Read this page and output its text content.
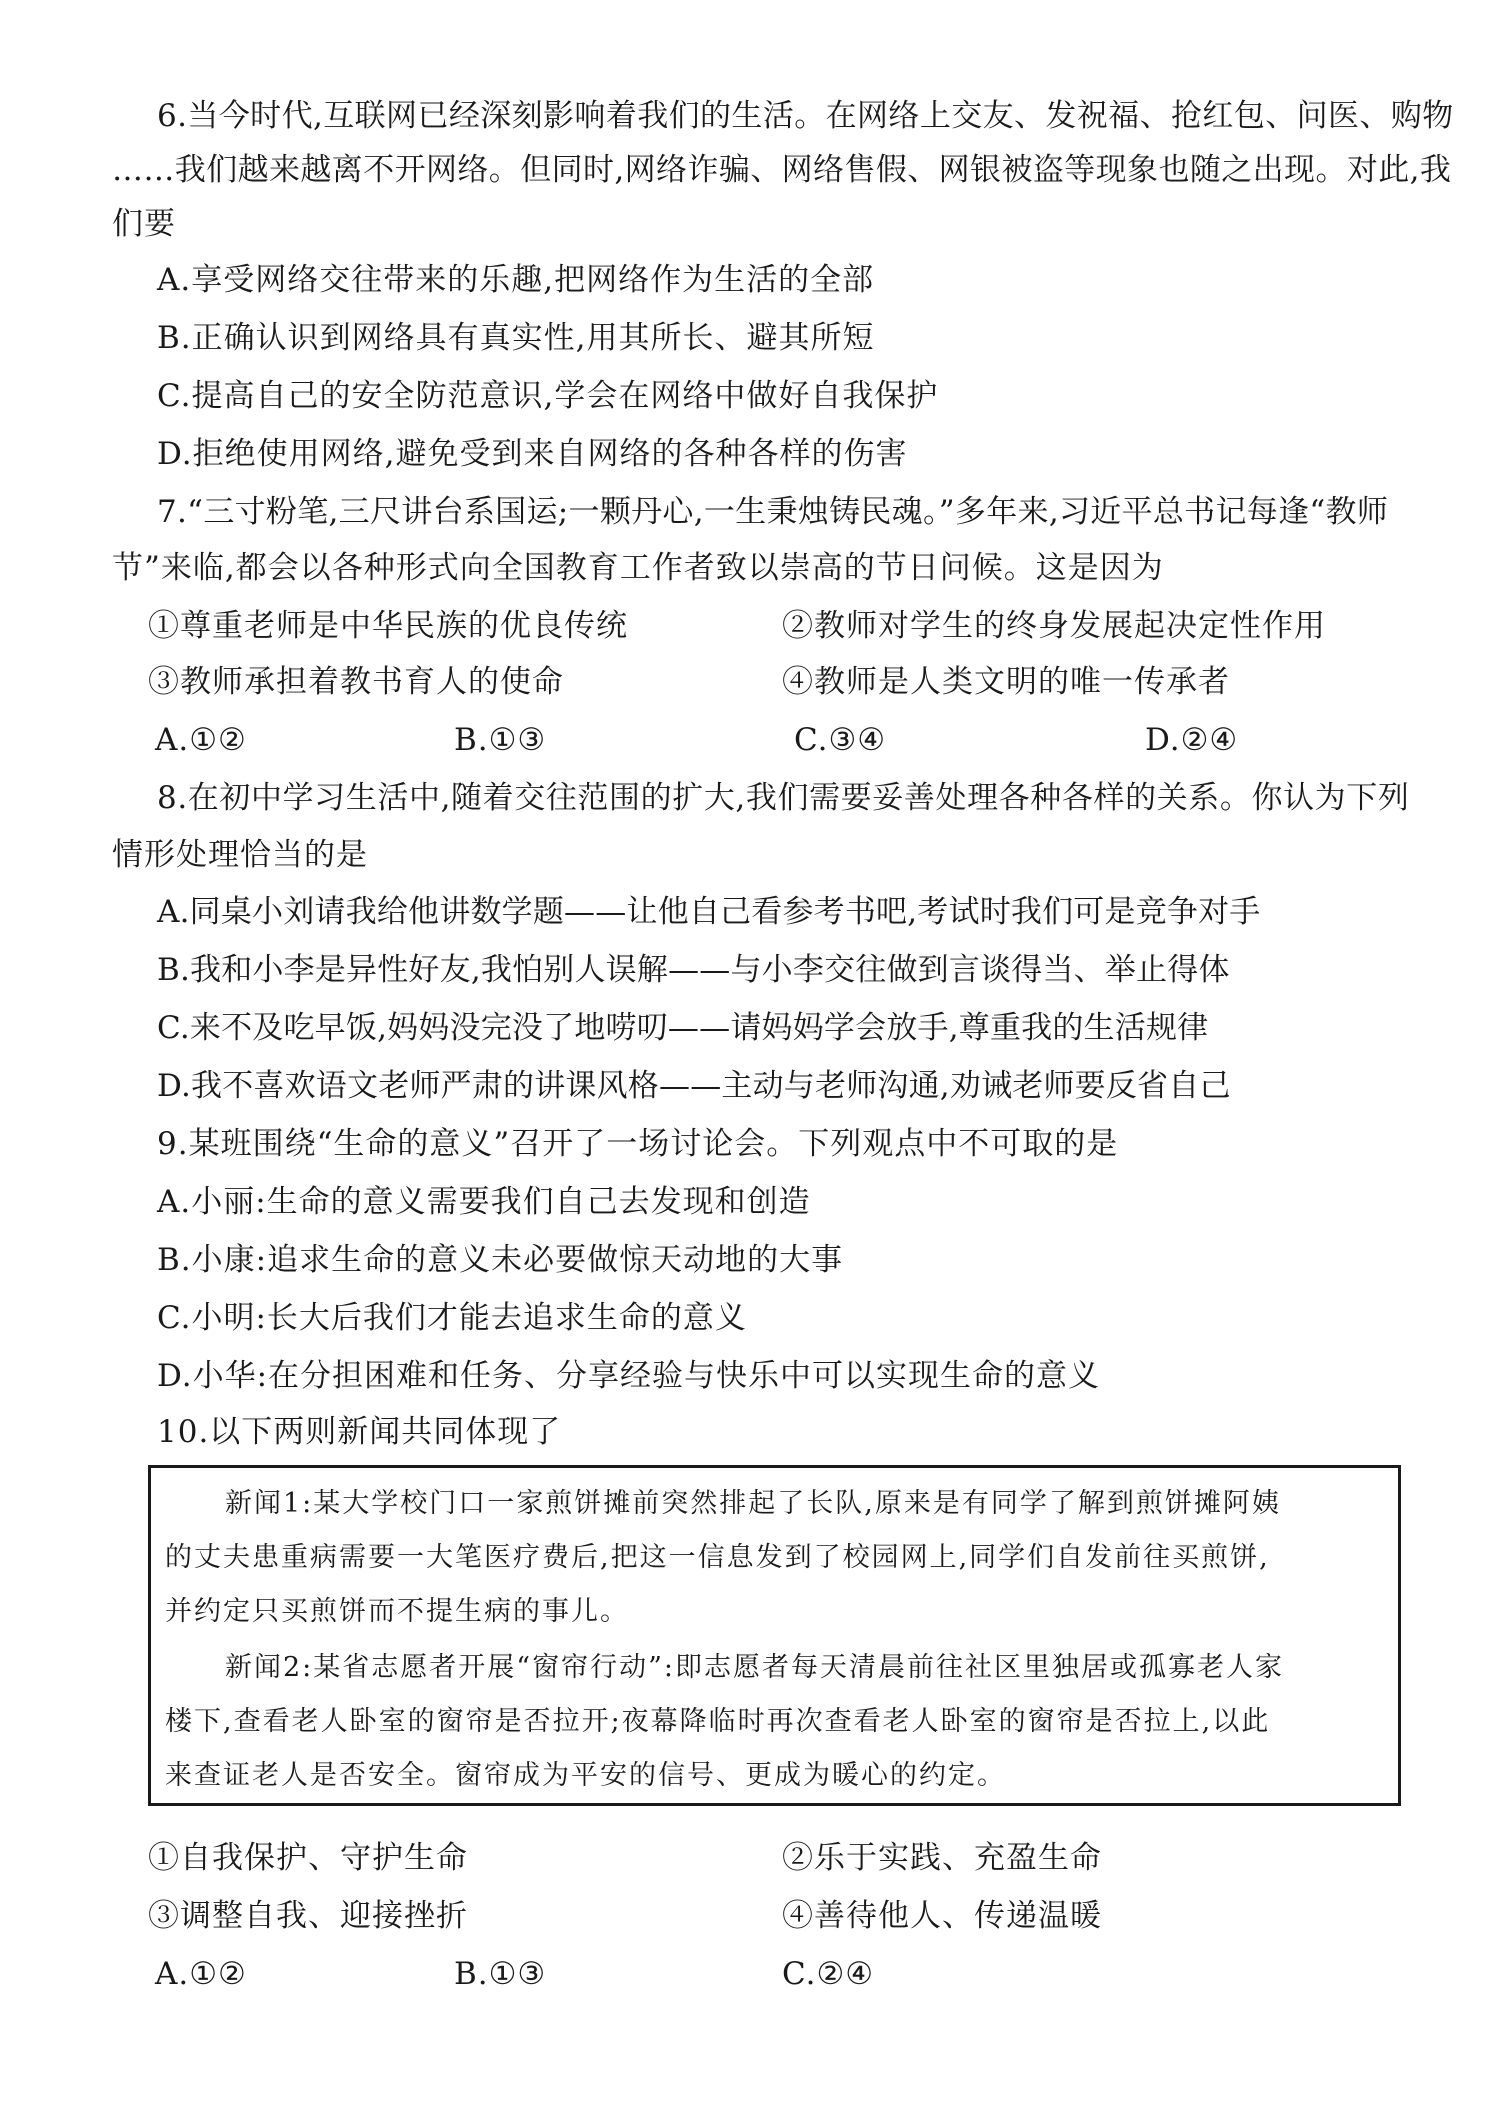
6.当今时代,互联网已经深刻影响着我们的生活。在网络上交友、发祝福、抢红包、问医、购物
……我们越来越离不开网络。但同时,网络诈骗、网络售假、网银被盗等现象也随之出现。对此,我
们要
A.享受网络交往带来的乐趣,把网络作为生活的全部
B.正确认识到网络具有真实性,用其所长、避其所短
C.提高自己的安全防范意识,学会在网络中做好自我保护
D.拒绝使用网络,避免受到来自网络的各种各样的伤害
7.“三寸粉笔,三尺讲台系国运;一颗丹心,一生秉烛铸民魂。”多年来,习近平总书记每逢“教师
节”来临,都会以各种形式向全国教育工作者致以崇高的节日问候。这是因为
①尊重老师是中华民族的优良传统	②教师对学生的终身发展起决定性作用
③教师承担着教书育人的使命	④教师是人类文明的唯一传承者
A.①②	B.①③	C.③④	D.②④
8.在初中学习生活中,随着交往范围的扩大,我们需要妥善处理各种各样的关系。你认为下列
情形处理恰当的是
A.同桌小刘请我给他讲数学题——让他自己看参考书吧,考试时我们可是竞争对手
B.我和小李是异性好友,我怕别人误解——与小李交往做到言谈得当、举止得体
C.来不及吃早饭,妈妈没完没了地唠叨——请妈妈学会放手,尊重我的生活规律
D.我不喜欢语文老师严肃的讲课风格——主动与老师沟通,劝诫老师要反省自己
9.某班围绕“生命的意义”召开了一场讨论会。下列观点中不可取的是
A.小丽:生命的意义需要我们自己去发现和创造
B.小康:追求生命的意义未必要做惊天动地的大事
C.小明:长大后我们才能去追求生命的意义
D.小华:在分担困难和任务、分享经验与快乐中可以实现生命的意义
10.以下两则新闻共同体现了
新闻1:某大学校门口一家煎饼摊前突然排起了长队,原来是有同学了解到煎饼摊阿姨
的丈夫患重病需要一大笔医疗费后,把这一信息发到了校园网上,同学们自发前往买煎饼,
并约定只买煎饼而不提生病的事儿。
新闻2:某省志愿者开展“窗帘行动”:即志愿者每天清晨前往社区里独居或孤寡老人家
楼下,查看老人卧室的窗帘是否拉开;夜幕降临时再次查看老人卧室的窗帘是否拉上,以此
来查证老人是否安全。窗帘成为平安的信号、更成为暖心的约定。
①自我保护、守护生命	②乐于实践、充盈生命
③调整自我、迎接挫折	④善待他人、传递温暖
A.①②	B.①③	C.②④
